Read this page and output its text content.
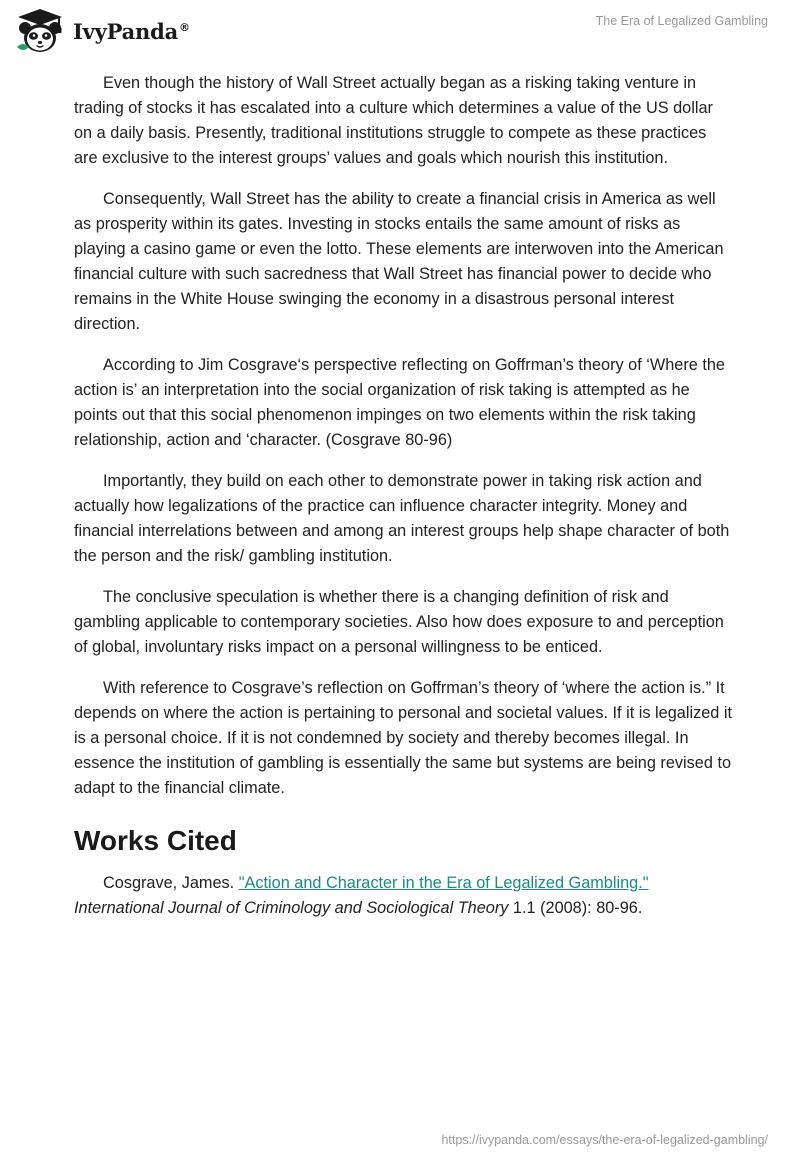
IvyPanda®	The Era of Legalized Gambling

Even though the history of Wall Street actually began as a risking taking venture in trading of stocks it has escalated into a culture which determines a value of the US dollar on a daily basis. Presently, traditional institutions struggle to compete as these practices are exclusive to the interest groups’ values and goals which nourish this institution.

Consequently, Wall Street has the ability to create a financial crisis in America as well as prosperity within its gates. Investing in stocks entails the same amount of risks as playing a casino game or even the lotto. These elements are interwoven into the American financial culture with such sacredness that Wall Street has financial power to decide who remains in the White House swinging the economy in a disastrous personal interest direction.

According to Jim Cosgrave‘s perspective reflecting on Goffrman’s theory of ‘Where the action is’ an interpretation into the social organization of risk taking is attempted as he points out that this social phenomenon impinges on two elements within the risk taking relationship, action and ‘character. (Cosgrave 80-96)

Importantly, they build on each other to demonstrate power in taking risk action and actually how legalizations of the practice can influence character integrity. Money and financial interrelations between and among an interest groups help shape character of both the person and the risk/ gambling institution.

The conclusive speculation is whether there is a changing definition of risk and gambling applicable to contemporary societies. Also how does exposure to and perception of global, involuntary risks impact on a personal willingness to be enticed.

With reference to Cosgrave’s reflection on Goffrman’s theory of ‘where the action is.” It depends on where the action is pertaining to personal and societal values. If it is legalized it is a personal choice. If it is not condemned by society and thereby becomes illegal. In essence the institution of gambling is essentially the same but systems are being revised to adapt to the financial climate.

Works Cited

Cosgrave, James. "Action and Character in the Era of Legalized Gambling." International Journal of Criminology and Sociological Theory 1.1 (2008): 80-96.

https://ivypanda.com/essays/the-era-of-legalized-gambling/
